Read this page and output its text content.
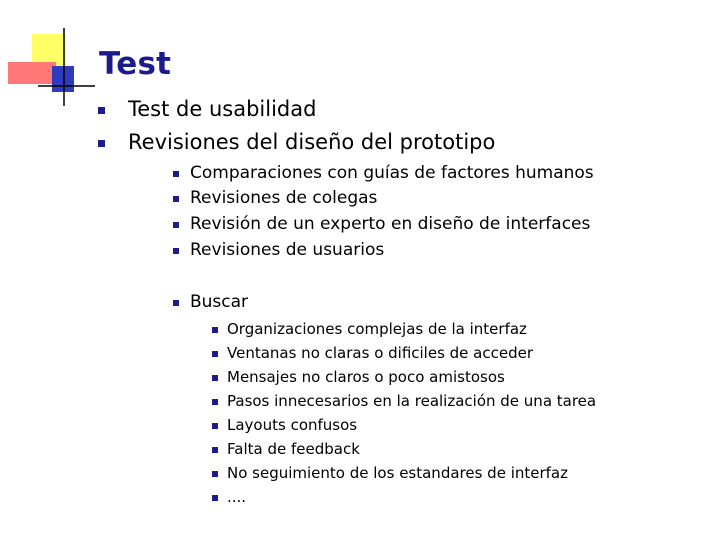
Test
Test de usabilidad
Revisiones del diseño del prototipo
Comparaciones con guías de factores humanos
Revisiones de colegas
Revisión de un experto en diseño de interfaces
Revisiones de usuarios
Buscar
Organizaciones complejas de la interfaz
Ventanas no claras o dificiles de acceder
Mensajes no claros o poco amistosos
Pasos innecesarios en la realización de una tarea
Layouts confusos
Falta de feedback
No seguimiento de los estandares de interfaz
....
